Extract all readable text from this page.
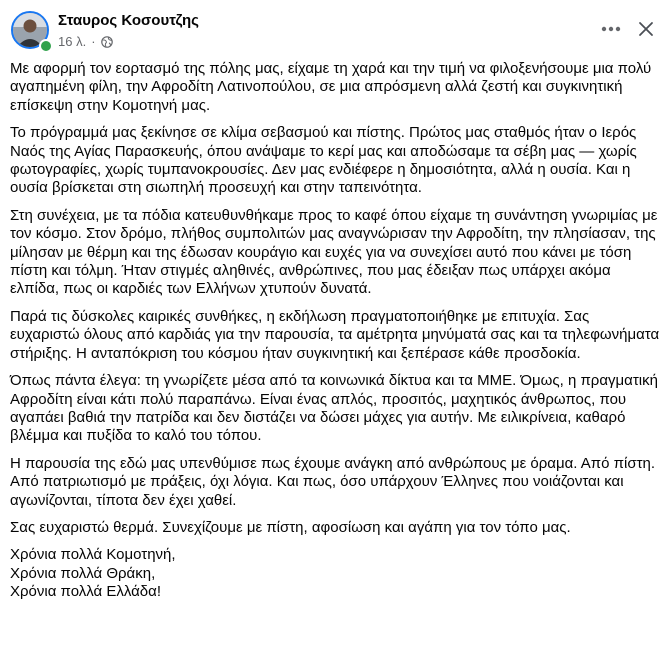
Σταυρος Κοσουτζης
16 λ. ·

Με αφορμή τον εορτασμό της πόλης μας, είχαμε τη χαρά και την τιμή να φιλοξενήσουμε μια πολύ αγαπημένη φίλη, την Αφροδίτη Λατινοπούλου, σε μια απρόσμενη αλλά ζεστή και συγκινητική επίσκεψη στην Κομοτηνή μας.

Το πρόγραμμά μας ξεκίνησε σε κλίμα σεβασμού και πίστης. Πρώτος μας σταθμός ήταν ο Ιερός Ναός της Αγίας Παρασκευής, όπου ανάψαμε το κερί μας και αποδώσαμε τα σέβη μας — χωρίς φωτογραφίες, χωρίς τυμπανοκρουσίες. Δεν μας ενδιέφερε η δημοσιότητα, αλλά η ουσία. Και η ουσία βρίσκεται στη σιωπηλή προσευχή και στην ταπεινότητα.

Στη συνέχεια, με τα πόδια κατευθυνθήκαμε προς το καφέ όπου είχαμε τη συνάντηση γνωριμίας με τον κόσμο. Στον δρόμο, πλήθος συμπολιτών μας αναγνώρισαν την Αφροδίτη, την πλησίασαν, της μίλησαν με θέρμη και της έδωσαν κουράγιο και ευχές για να συνεχίσει αυτό που κάνει με τόση πίστη και τόλμη. Ήταν στιγμές αληθινές, ανθρώπινες, που μας έδειξαν πως υπάρχει ακόμα ελπίδα, πως οι καρδιές των Ελλήνων χτυπούν δυνατά.

Παρά τις δύσκολες καιρικές συνθήκες, η εκδήλωση πραγματοποιήθηκε με επιτυχία. Σας ευχαριστώ όλους από καρδιάς για την παρουσία, τα αμέτρητα μηνύματά σας και τα τηλεφωνήματα στήριξης. Η ανταπόκριση του κόσμου ήταν συγκινητική και ξεπέρασε κάθε προσδοκία.

Όπως πάντα έλεγα: τη γνωρίζετε μέσα από τα κοινωνικά δίκτυα και τα ΜΜΕ. Όμως, η πραγματική Αφροδίτη είναι κάτι πολύ παραπάνω. Είναι ένας απλός, προσιτός, μαχητικός άνθρωπος, που αγαπάει βαθιά την πατρίδα και δεν διστάζει να δώσει μάχες για αυτήν. Με ειλικρίνεια, καθαρό βλέμμα και πυξίδα το καλό του τόπου.

Η παρουσία της εδώ μας υπενθύμισε πως έχουμε ανάγκη από ανθρώπους με όραμα. Από πίστη. Από πατριωτισμό με πράξεις, όχι λόγια. Και πως, όσο υπάρχουν Έλληνες που νοιάζονται και αγωνίζονται, τίποτα δεν έχει χαθεί.

Σας ευχαριστώ θερμά. Συνεχίζουμε με πίστη, αφοσίωση και αγάπη για τον τόπο μας.

Χρόνια πολλά Κομοτηνή,
Χρόνια πολλά Θράκη,
Χρόνια πολλά Ελλάδα!
